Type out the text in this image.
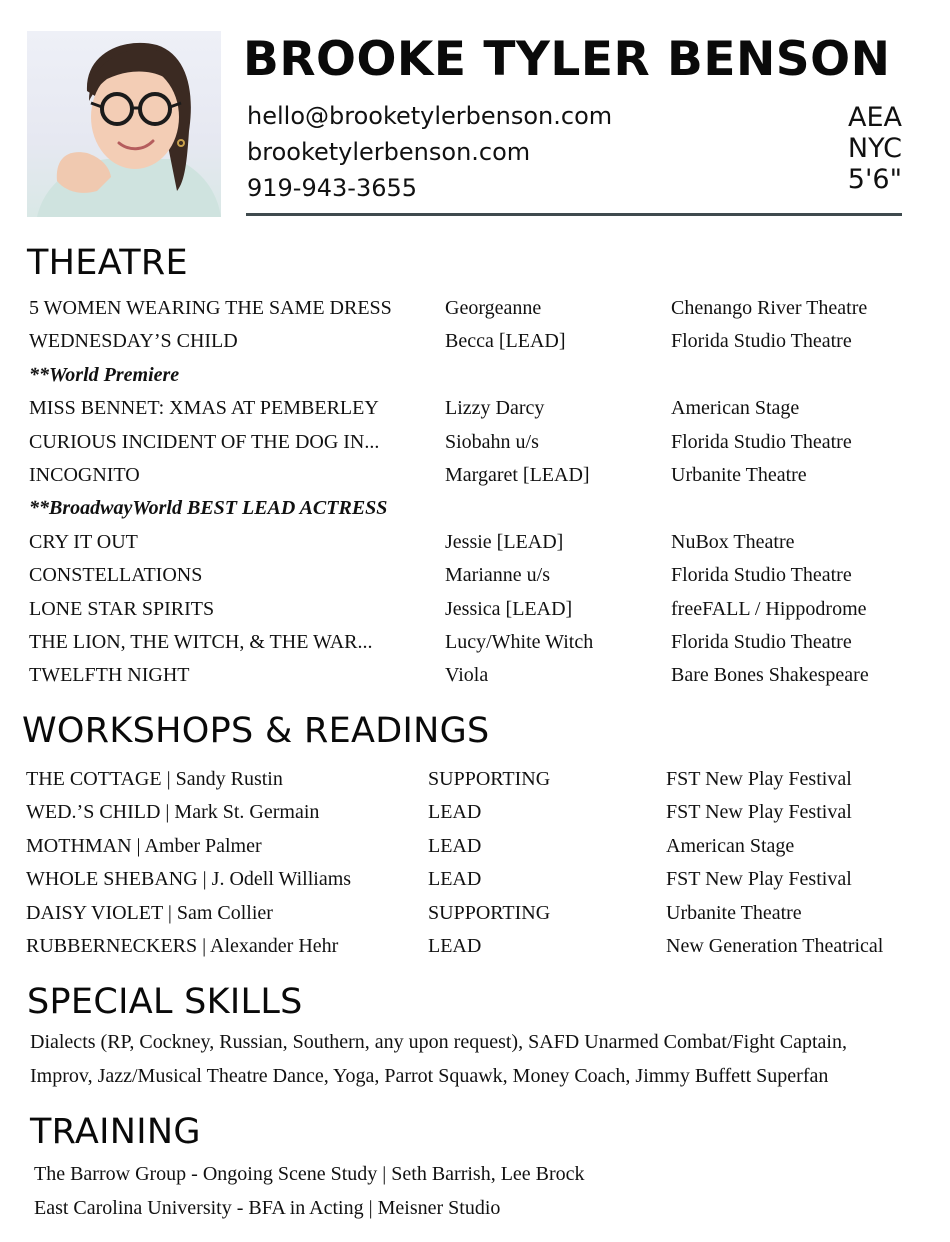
BROOKE TYLER BENSON
hello@brooketylerbenson.com
brooketylerbenson.com
919-943-3655
AEA
NYC
5'6"
THEATRE
5 WOMEN WEARING THE SAME DRESS	Georgeanne	Chenango River Theatre
WEDNESDAY’S CHILD	Becca [LEAD]	Florida Studio Theatre
**World Premiere
MISS BENNET: XMAS AT PEMBERLEY	Lizzy Darcy	American Stage
CURIOUS INCIDENT OF THE DOG IN...	Siobahn u/s	Florida Studio Theatre
INCOGNITO	Margaret [LEAD]	Urbanite Theatre
**BroadwayWorld BEST LEAD ACTRESS
CRY IT OUT	Jessie [LEAD]	NuBox Theatre
CONSTELLATIONS	Marianne u/s	Florida Studio Theatre
LONE STAR SPIRITS	Jessica [LEAD]	freeFALL / Hippodrome
THE LION, THE WITCH, & THE WAR...	Lucy/White Witch	Florida Studio Theatre
TWELFTH NIGHT	Viola	Bare Bones Shakespeare
WORKSHOPS & READINGS
THE COTTAGE | Sandy Rustin	SUPPORTING	FST New Play Festival
WED.’S CHILD | Mark St. Germain	LEAD	FST New Play Festival
MOTHMAN | Amber Palmer	LEAD	American Stage
WHOLE SHEBANG | J. Odell Williams	LEAD	FST New Play Festival
DAISY VIOLET | Sam Collier	SUPPORTING	Urbanite Theatre
RUBBERNECKERS | Alexander Hehr	LEAD	New Generation Theatrical
SPECIAL SKILLS
Dialects (RP, Cockney, Russian, Southern, any upon request), SAFD Unarmed Combat/Fight Captain,
Improv, Jazz/Musical Theatre Dance, Yoga, Parrot Squawk, Money Coach, Jimmy Buffett Superfan
TRAINING
The Barrow Group - Ongoing Scene Study | Seth Barrish, Lee Brock
East Carolina University - BFA in Acting | Meisner Studio
